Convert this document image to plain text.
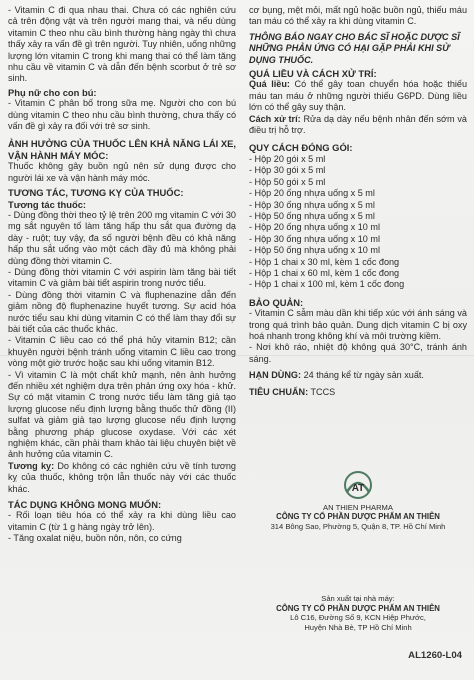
- Vitamin C đi qua nhau thai. Chưa có các nghiên cứu cả trên động vật và trên người mang thai, và nếu dùng vitamin C theo nhu cầu bình thường hàng ngày thì chưa thấy xảy ra vấn đề gì trên người. Tuy nhiên, uống những lượng lớn vitamin C trong khi mang thai có thể làm tăng nhu cầu về vitamin C và dẫn đến bệnh scorbut ở trẻ sơ sinh.

Phụ nữ cho con bú:

- Vitamin C phân bố trong sữa mẹ. Người cho con bú dùng vitamin C theo nhu cầu bình thường, chưa thấy có vấn đề gì xảy ra đối với trẻ sơ sinh.

ẢNH HƯỞNG CỦA THUỐC LÊN KHẢ NĂNG LÁI XE, VẬN HÀNH MÁY MÓC:

Thuốc không gây buồn ngủ nên sử dụng được cho người lái xe và vận hành máy móc.

TƯƠNG TÁC, TƯƠNG KỴ CỦA THUỐC:
Tương tác thuốc:

- Dùng đồng thời theo tỷ lệ trên 200 mg vitamin C với 30 mg sắt nguyên tố làm tăng hấp thu sắt qua đường dạ dày - ruột; tuy vậy, đa số người bệnh đều có khả năng hấp thu sắt uống vào một cách đầy đủ mà không phải dùng đồng thời vitamin C.

- Dùng đồng thời vitamin C với aspirin làm tăng bài tiết vitamin C và giảm bài tiết aspirin trong nước tiểu.

- Dùng đồng thời vitamin C và fluphenazine dẫn đến giảm nồng độ fluphenazine huyết tương. Sự acid hóa nước tiểu sau khi dùng vitamin C có thể làm thay đổi sự bài tiết của các thuốc khác.

- Vitamin C liều cao có thể phá hủy vitamin B12; cần khuyên người bệnh tránh uống vitamin C liều cao trong vòng một giờ trước hoặc sau khi uống vitamin B12.

- Vì vitamin C là một chất khử mạnh, nên ảnh hưởng đến nhiều xét nghiệm dựa trên phản ứng oxy hóa - khử. Sự có mặt vitamin C trong nước tiểu làm tăng giả tạo lượng glucose nếu định lượng bằng thuốc thử đồng (II) sulfat và giảm giả tạo lượng glucose nếu định lượng bằng phương pháp glucose oxydase. Với các xét nghiệm khác, cần phải tham khảo tài liệu chuyên biệt về ảnh hưởng của vitamin C.

Tương kỵ: Do không có các nghiên cứu về tính tương kỵ của thuốc, không trộn lẫn thuốc này với các thuốc khác.

TÁC DỤNG KHÔNG MONG MUỐN:

- Rối loạn tiêu hóa có thể xảy ra khi dùng liều cao vitamin C (từ 1 g hàng ngày trở lên).

- Tăng oxalat niệu, buồn nôn, nôn, co cứng

cơ bụng, mệt mỏi, mất ngủ hoặc buồn ngủ, thiếu máu tan máu có thể xảy ra khi dùng vitamin C.

THÔNG BÁO NGAY CHO BÁC SĨ HOẶC DƯỢC SĨ NHỮNG PHẢN ỨNG CÓ HẠI GẶP PHẢI KHI SỬ DỤNG THUỐC.
QUÁ LIỀU VÀ CÁCH XỬ TRÍ:

Quá liều: Có thể gây toan chuyển hóa hoặc thiếu máu tan máu ở những người thiếu G6PD. Dùng liều lớn có thể gây suy thận.

Cách xử trí: Rửa dạ dày nếu bệnh nhân đến sớm và điều trị hỗ trợ.

QUY CÁCH ĐÓNG GÓI:
- Hộp 20 gói x 5 ml
- Hộp 30 gói x 5 ml
- Hộp 50 gói x 5 ml
- Hộp 20 ống nhựa uống x 5 ml
- Hộp 30 ống nhựa uống x 5 ml
- Hộp 50 ống nhựa uống x 5 ml
- Hộp 20 ống nhựa uống x 10 ml
- Hộp 30 ống nhựa uống x 10 ml
- Hộp 50 ống nhựa uống x 10 ml
- Hộp 1 chai x 30 ml, kèm 1 cốc đong
- Hộp 1 chai x 60 ml, kèm 1 cốc đong
- Hộp 1 chai x 100 ml, kèm 1 cốc đong
BẢO QUẢN:

- Vitamin C sẫm màu dần khi tiếp xúc với ánh sáng và trong quá trình bảo quản. Dung dịch vitamin C bị oxy hoá nhanh trong không khí và môi trường kiềm.

- Nơi khô ráo, nhiệt độ không quá 30°C, tránh ánh sáng.

HẠN DÙNG: 24 tháng kể từ ngày sản xuất.

TIÊU CHUẨN: TCCS

AT
AN THIEN PHARMA
CÔNG TY CỔ PHẦN DƯỢC PHẨM AN THIÊN
314 Bông Sao, Phường 5, Quận 8, TP. Hồ Chí Minh
Sản xuất tại nhà máy:
CÔNG TY CỔ PHẦN DƯỢC PHẨM AN THIÊN
Lô C16, Đường Số 9, KCN Hiệp Phước,
Huyện Nhà Bè, TP Hồ Chí Minh
AL1260-L04
